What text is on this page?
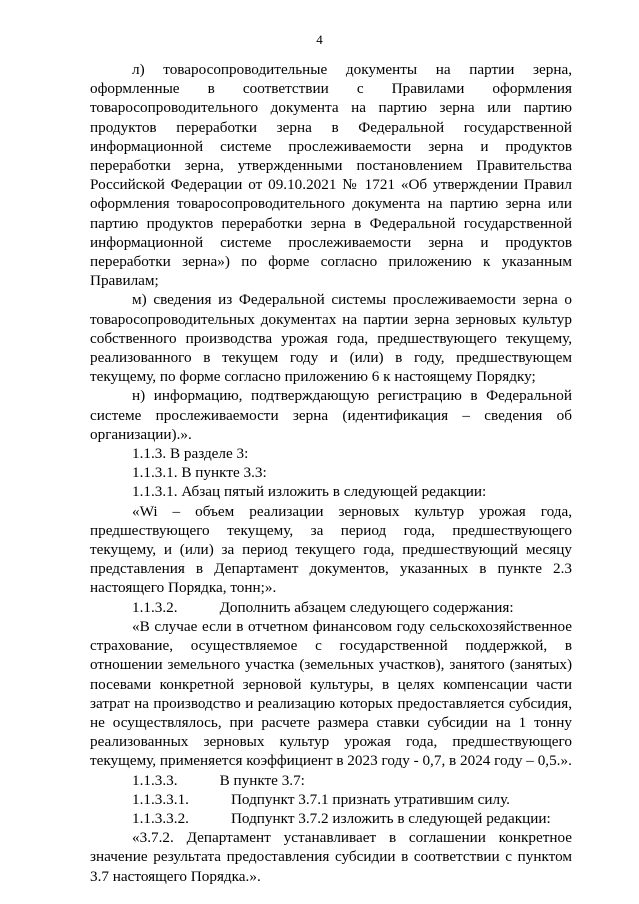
4

л) товаросопроводительные документы на партии зерна, оформленные в соответствии с Правилами оформления товаросопроводительного документа на партию зерна или партию продуктов переработки зерна в Федеральной государственной информационной системе прослеживаемости зерна и продуктов переработки зерна, утвержденными постановлением Правительства Российской Федерации от 09.10.2021 № 1721 «Об утверждении Правил оформления товаросопроводительного документа на партию зерна или партию продуктов переработки зерна в Федеральной государственной информационной системе прослеживаемости зерна и продуктов переработки зерна») по форме согласно приложению к указанным Правилам;

м) сведения из Федеральной системы прослеживаемости зерна о товаросопроводительных документах на партии зерна зерновых культур собственного производства урожая года, предшествующего текущему, реализованного в текущем году и (или) в году, предшествующем текущему, по форме согласно приложению 6 к настоящему Порядку;

н) информацию, подтверждающую регистрацию в Федеральной системе прослеживаемости зерна (идентификация – сведения об организации).».

1.1.3. В разделе 3:

1.1.3.1. В пункте 3.3:

1.1.3.1. Абзац пятый изложить в следующей редакции:

«Wi – объем реализации зерновых культур урожая года, предшествующего текущему, за период года, предшествующего текущему, и (или) за период текущего года, предшествующий месяцу представления в Департамент документов, указанных в пункте 2.3 настоящего Порядка, тонн;».

1.1.3.2.	Дополнить абзацем следующего содержания:

«В случае если в отчетном финансовом году сельскохозяйственное страхование, осуществляемое с государственной поддержкой, в отношении земельного участка (земельных участков), занятого (занятых) посевами конкретной зерновой культуры, в целях компенсации части затрат на производство и реализацию которых предоставляется субсидия, не осуществлялось, при расчете размера ставки субсидии на 1 тонну реализованных зерновых культур урожая года, предшествующего текущему, применяется коэффициент в 2023 году - 0,7, в 2024 году – 0,5.».

1.1.3.3.	В пункте 3.7:

1.1.3.3.1.	Подпункт 3.7.1 признать утратившим силу.

1.1.3.3.2.	Подпункт 3.7.2 изложить в следующей редакции:

«3.7.2. Департамент устанавливает в соглашении конкретное значение результата предоставления субсидии в соответствии с пунктом 3.7 настоящего Порядка.».
